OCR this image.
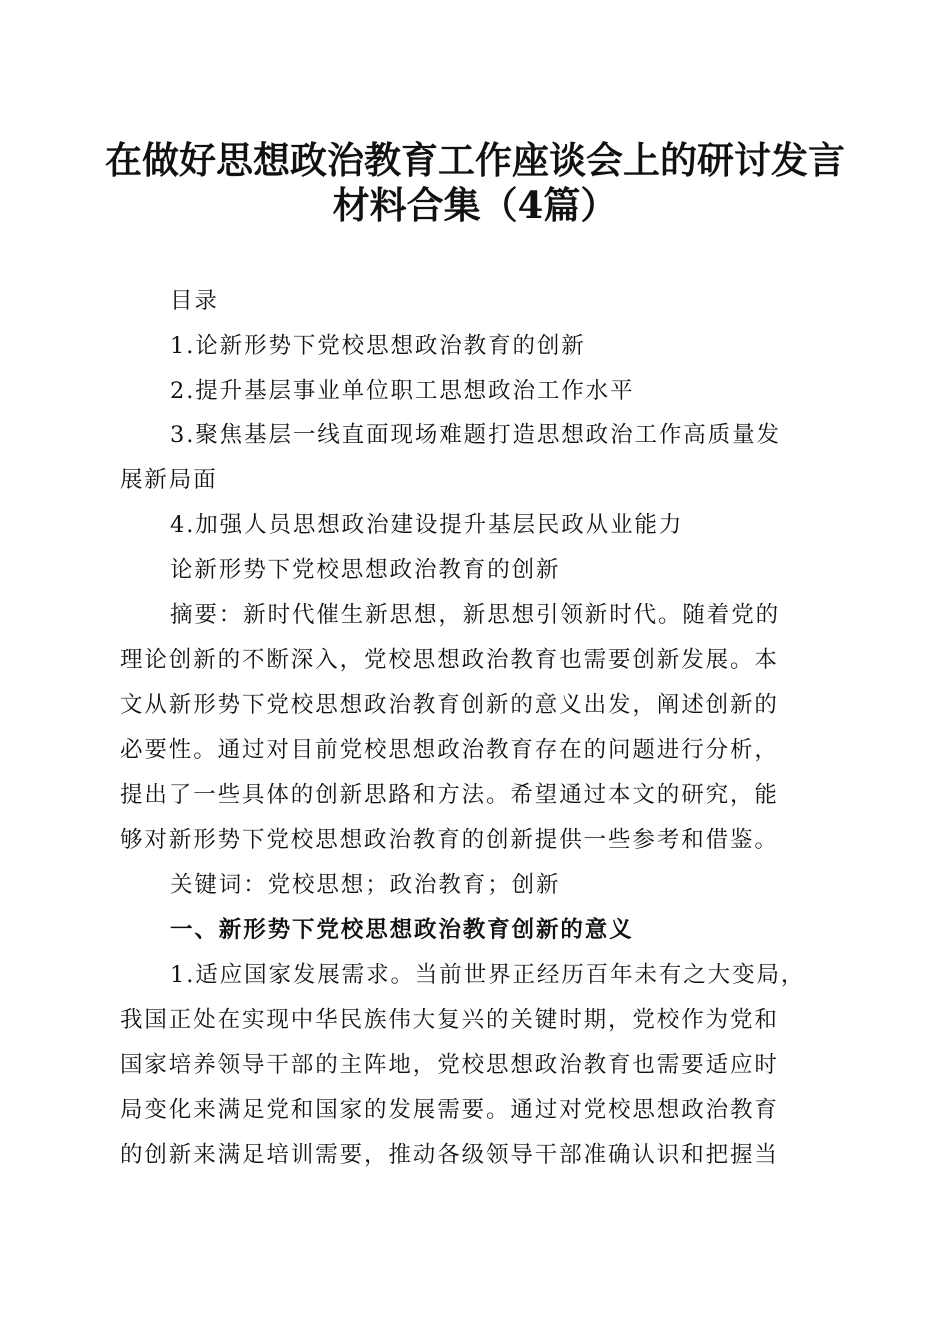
在做好思想政治教育工作座谈会上的研讨发言
材料合集（4篇）

目录

1.论新形势下党校思想政治教育的创新

2.提升基层事业单位职工思想政治工作水平

3.聚焦基层一线直面现场难题打造思想政治工作高质量发

展新局面

4.加强人员思想政治建设提升基层民政从业能力

论新形势下党校思想政治教育的创新

摘要：新时代催生新思想，新思想引领新时代。随着党的

理论创新的不断深入，党校思想政治教育也需要创新发展。本

文从新形势下党校思想政治教育创新的意义出发，阐述创新的

必要性。通过对目前党校思想政治教育存在的问题进行分析，

提出了一些具体的创新思路和方法。希望通过本文的研究，能

够对新形势下党校思想政治教育的创新提供一些参考和借鉴。

关键词：党校思想；政治教育；创新

一、新形势下党校思想政治教育创新的意义

1.适应国家发展需求。当前世界正经历百年未有之大变局，

我国正处在实现中华民族伟大复兴的关键时期，党校作为党和

国家培养领导干部的主阵地，党校思想政治教育也需要适应时

局变化来满足党和国家的发展需要。通过对党校思想政治教育

的创新来满足培训需要，推动各级领导干部准确认识和把握当
